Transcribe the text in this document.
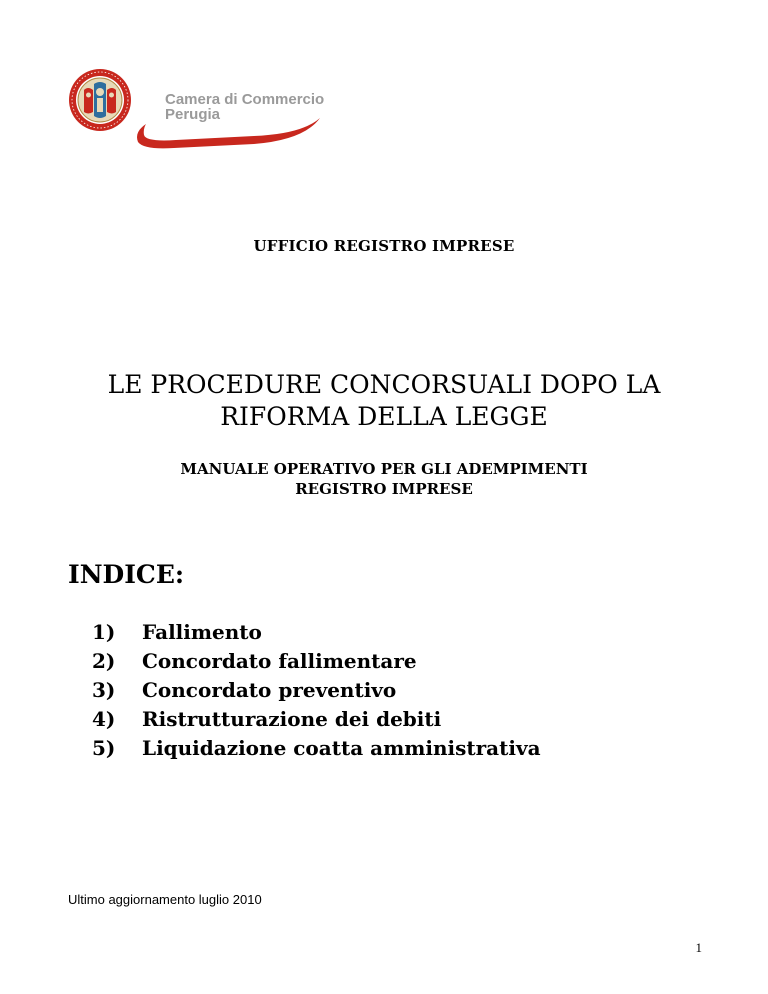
Camera di Commercio
Perugia
UFFICIO REGISTRO IMPRESE
LE PROCEDURE CONCORSUALI DOPO LA
RIFORMA DELLA LEGGE
MANUALE OPERATIVO PER GLI ADEMPIMENTI
REGISTRO IMPRESE
INDICE:
1)	Fallimento
2)	Concordato fallimentare
3)	Concordato preventivo
4)	Ristrutturazione dei debiti
5)	Liquidazione coatta amministrativa
Ultimo aggiornamento luglio 2010
1
